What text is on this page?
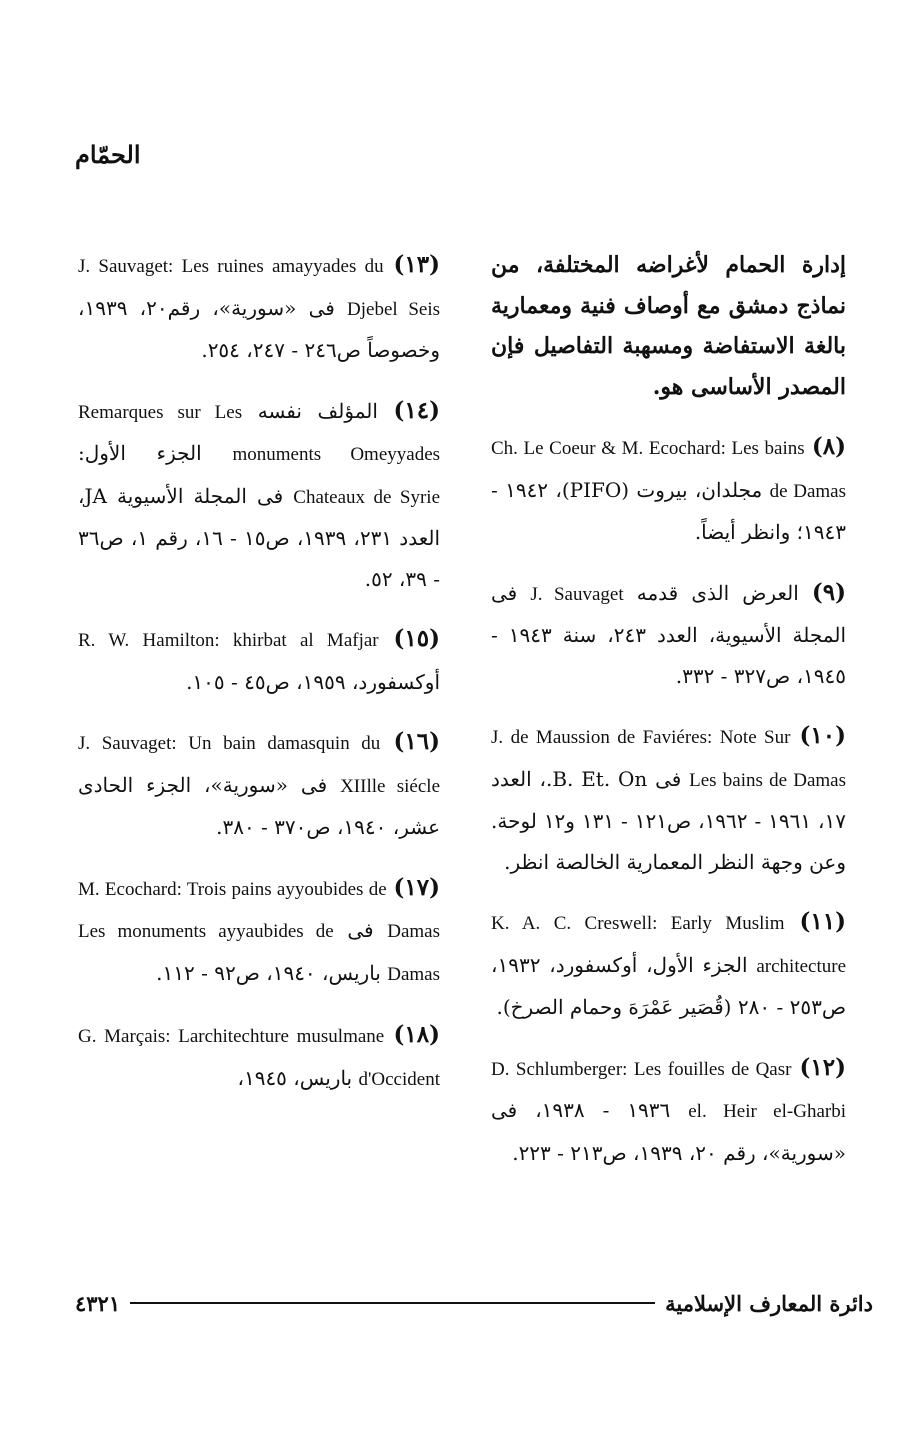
الحمّام

إدارة الحمام لأغراضه المختلفة، من نماذج دمشق مع أوصاف فنية ومعمارية بالغة الاستفاضة ومسهبة التفاصيل فإن المصدر الأساسى هو.

(٨) Ch. Le Coeur & M. Ecochard: Les bains de Damas مجلدان، بيروت (PIFO)، ١٩٤٢ - ١٩٤٣؛ وانظر أيضاً.

(٩) العرض الذى قدمه J. Sauvaget فى المجلة الأسيوية، العدد ٢٤٣، سنة ١٩٤٣ - ١٩٤٥، ص٣٢٧ - ٣٣٢.

(١٠) J. de Maussion de Faviéres: Note Sur Les bains de Damas فى B. Et. On.، العدد ١٧، ١٩٦١ - ١٩٦٢، ص١٢١ - ١٣١ و١٢ لوحة. وعن وجهة النظر المعمارية الخالصة انظر.

(١١) K. A. C. Creswell: Early Muslim architecture الجزء الأول، أوكسفورد، ١٩٣٢، ص٢٥٣ - ٢٨٠ (قُصَير عَمْرَهَ وحمام الصرخ).

(١٢) D. Schlumberger: Les fouilles de Qasr el. Heir el-Gharbi ١٩٣٦ - ١٩٣٨، فى «سورية»، رقم ٢٠، ١٩٣٩، ص٢١٣ - ٢٢٣.

(١٣) J. Sauvaget: Les ruines amayyades du Djebel Seis فى «سورية»، رقم٢٠، ١٩٣٩، وخصوصاً ص٢٤٦ - ٢٤٧، ٢٥٤.

(١٤) المؤلف نفسه Remarques sur Les monuments Omeyyades الجزء الأول: Chateaux de Syrie فى المجلة الأسيوية JA، العدد ٢٣١، ١٩٣٩، ص١٥ - ١٦، رقم ١، ص٣٦ - ٣٩، ٥٢.

(١٥) R. W. Hamilton: khirbat al Mafjar أوكسفورد، ١٩٥٩، ص٤٥ - ١٠٥.

(١٦) J. Sauvaget: Un bain damasquin du XIIlle siécle فى «سورية»، الجزء الحادى عشر، ١٩٤٠، ص٣٧٠ - ٣٨٠.

(١٧) M. Ecochard: Trois pains ayyoubides de Damas فى Les monuments ayyaubides de Damas باريس، ١٩٤٠، ص٩٢ - ١١٢.

(١٨) G. Marçais: Larchitechture musulmane d'Occident باريس، ١٩٤٥،

٤٣٢١	دائرة المعارف الإسلامية
